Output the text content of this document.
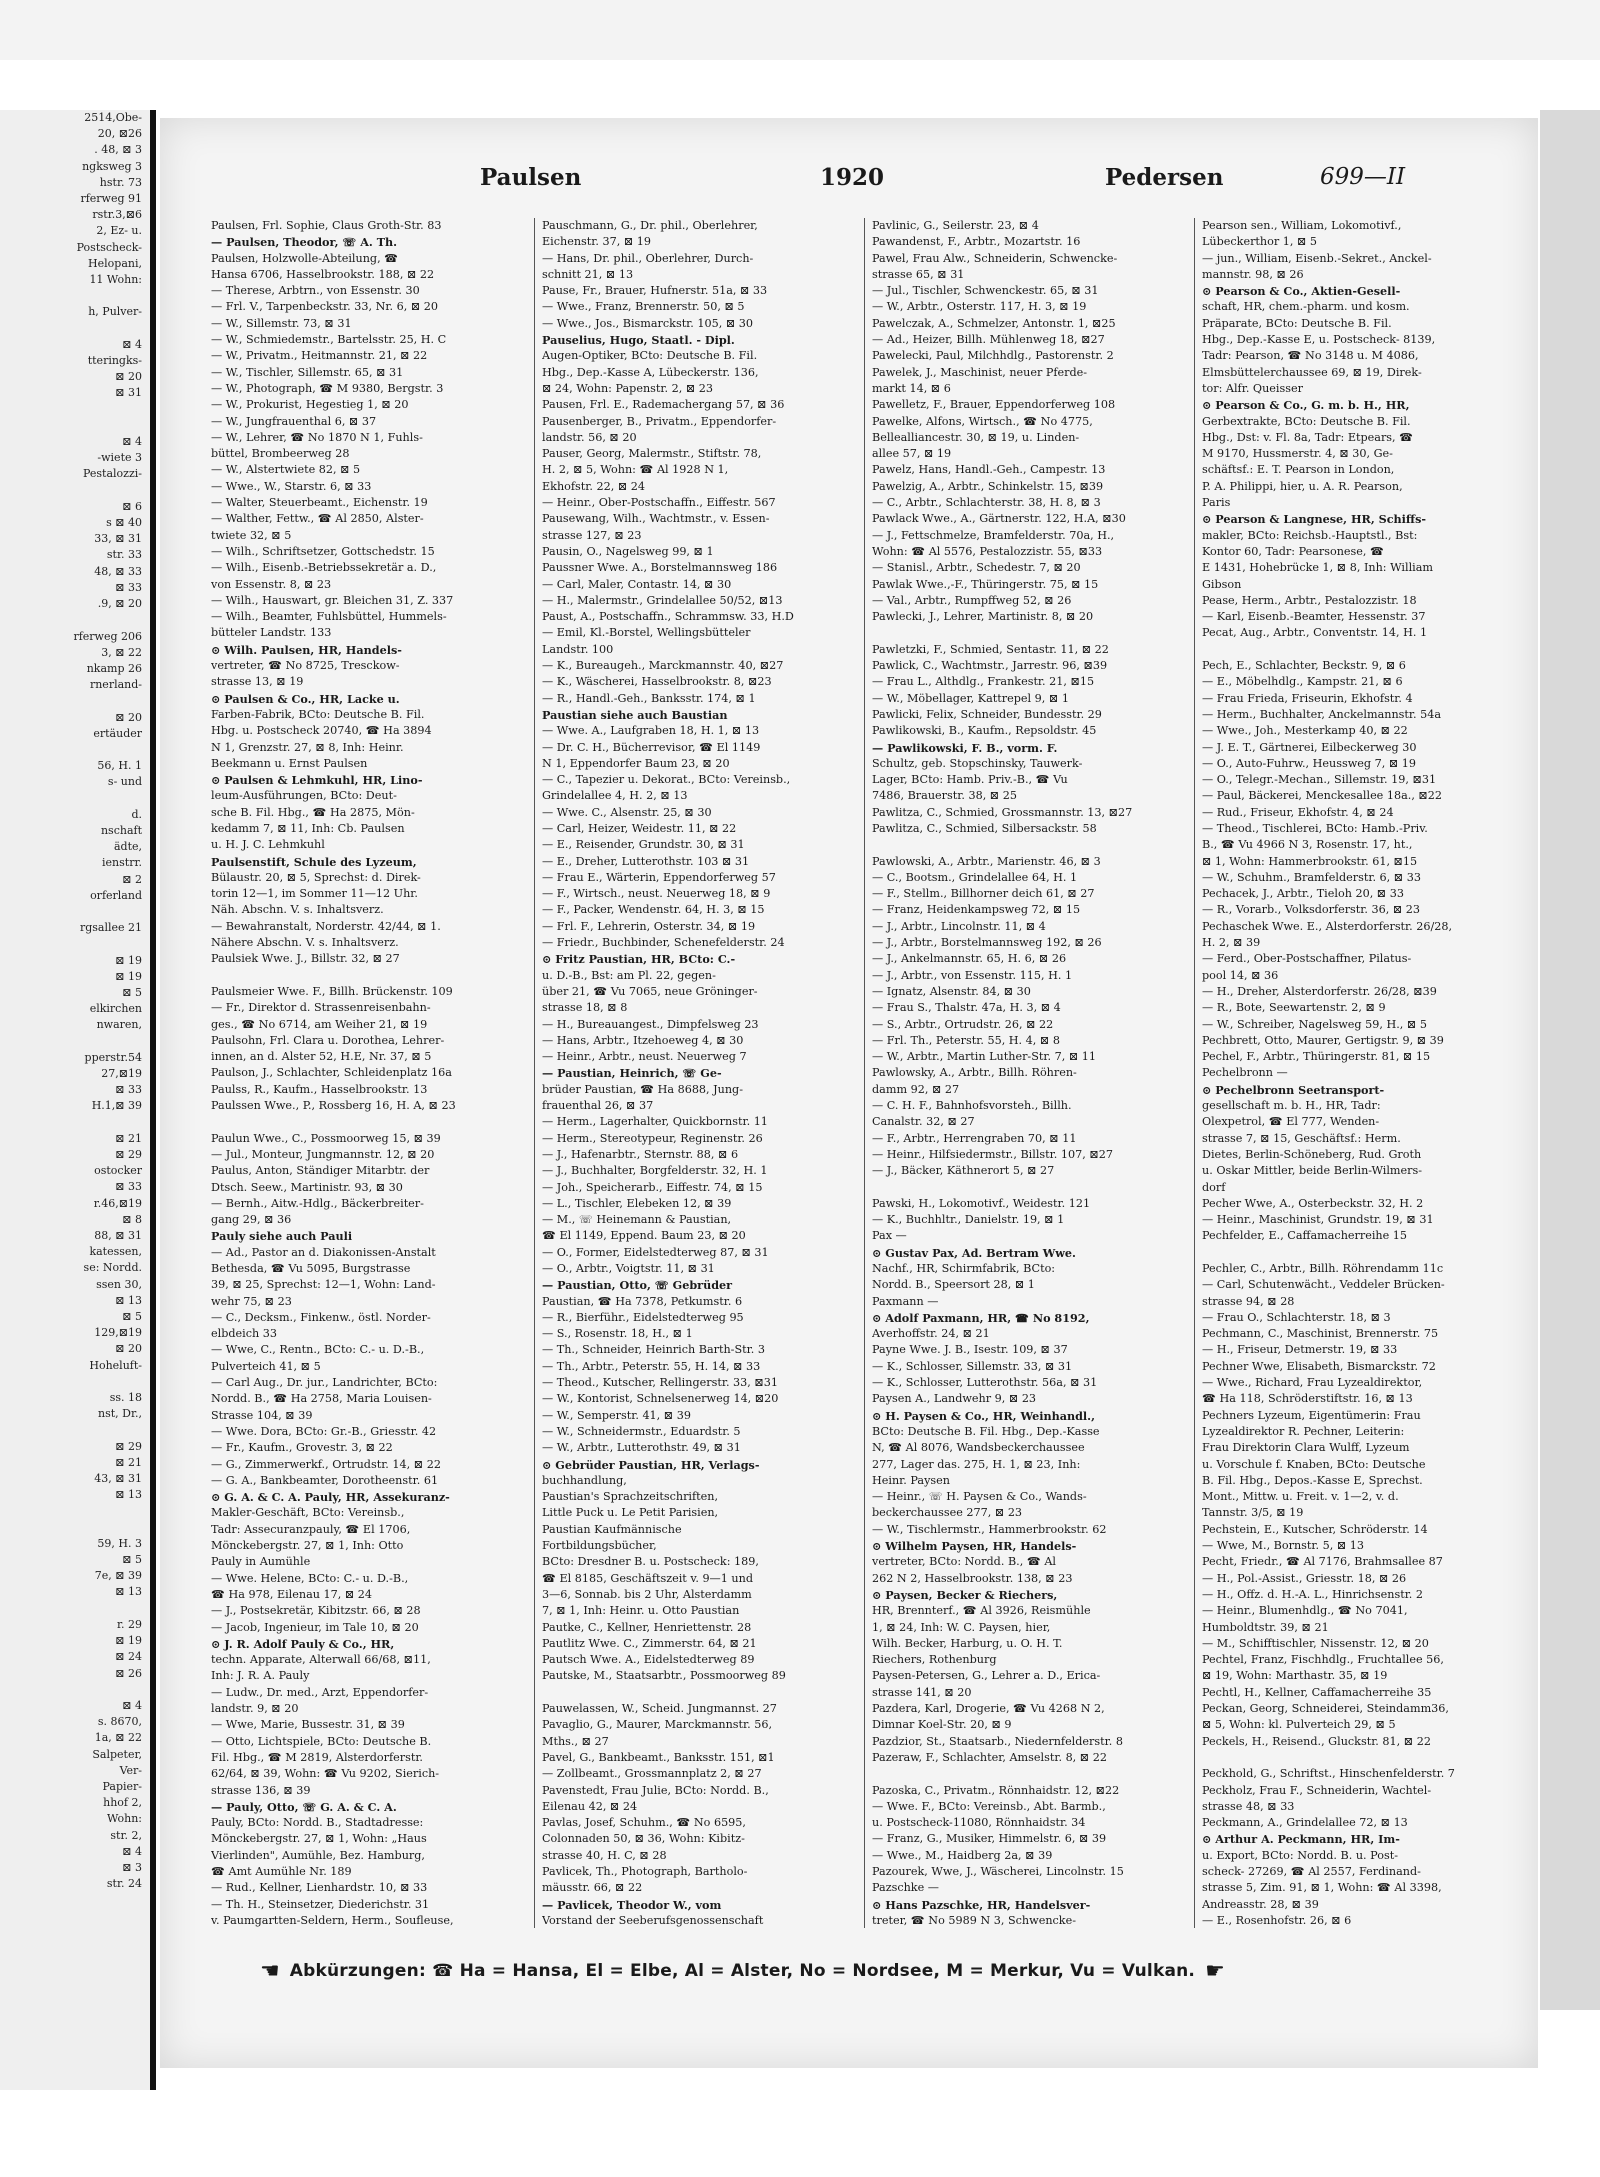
2514,Obe-
20, ⊠26
. 48, ⊠ 3
ngksweg 3
hstr. 73
rferweg 91
rstr.3,⊠6
2, Ez- u.
Postscheck-
Helopani,
11 Wohn:

h, Pulver-

⊠ 4
tteringks-
⊠ 20
⊠ 31

⊠ 4
-wiete 3
Pestalozzi-

⊠ 6
s ⊠ 40
33, ⊠ 31
str. 33
48, ⊠ 33
⊠ 33
.9, ⊠ 20

rferweg 206
3, ⊠ 22
nkamp 26
rnerland-

⊠ 20
ertäuder

56, H. 1
s- und

d.
nschaft
ädte,
ienstrr.
⊠ 2
orferland

rgsallee 21

⊠ 19
⊠ 19
⊠ 5
elkirchen
nwaren,

pperstr.54
27,⊠19
⊠ 33
H.1,⊠ 39

⊠ 21
⊠ 29
ostocker
⊠ 33
r.46,⊠19
⊠ 8
88, ⊠ 31
katessen,
se: Nordd.
ssen 30,
⊠ 13
⊠ 5
129,⊠19
⊠ 20
Hoheluft-

ss. 18
nst, Dr.,

⊠ 29
⊠ 21
43, ⊠ 31
⊠ 13

59, H. 3
⊠ 5
7e, ⊠ 39
⊠ 13

r. 29
⊠ 19
⊠ 24
⊠ 26

⊠ 4
s. 8670,
1a, ⊠ 22
Salpeter,
Ver-
Papier-
hhof 2,
Wohn:
str. 2,
⊠ 4
⊠ 3
str. 24
Paulsen	1920	Pedersen	699—II
Paulsen, Frl. Sophie, Claus Groth-Str. 83
— Paulsen, Theodor, ☏ A. Th.
Paulsen, Holzwolle-Abteilung, ☎
Hansa 6706, Hasselbrookstr. 188, ⊠ 22
— Therese, Arbtrn., von Essenstr. 30
— Frl. V., Tarpenbeckstr. 33, Nr. 6, ⊠ 20
— W., Sillemstr. 73, ⊠ 31
— W., Schmiedemstr., Bartelsstr. 25, H. C
— W., Privatm., Heitmannstr. 21, ⊠ 22
— W., Tischler, Sillemstr. 65, ⊠ 31
— W., Photograph, ☎ M 9380, Bergstr. 3
— W., Prokurist, Hegestieg 1, ⊠ 20
— W., Jungfrauenthal 6, ⊠ 37
— W., Lehrer, ☎ No 1870 N 1, Fuhls-
büttel, Brombeerweg 28
— W., Alstertwiete 82, ⊠ 5
— Wwe., W., Starstr. 6, ⊠ 33
— Walter, Steuerbeamt., Eichenstr. 19
— Walther, Fettw., ☎ Al 2850, Alster-
twiete 32, ⊠ 5
— Wilh., Schriftsetzer, Gottschedstr. 15
— Wilh., Eisenb.-Betriebssekretär a. D.,
von Essenstr. 8, ⊠ 23
— Wilh., Hauswart, gr. Bleichen 31, Z. 337
— Wilh., Beamter, Fuhlsbüttel, Hummels-
bütteler Landstr. 133
⊙ Wilh. Paulsen, HR, Handels-
vertreter, ☎ No 8725, Tresckow-
strasse 13, ⊠ 19
⊙ Paulsen & Co., HR, Lacke u.
Farben-Fabrik, BCto: Deutsche B. Fil.
Hbg. u. Postscheck 20740, ☎ Ha 3894
N 1, Grenzstr. 27, ⊠ 8, Inh: Heinr.
Beekmann u. Ernst Paulsen
⊙ Paulsen & Lehmkuhl, HR, Lino-
leum-Ausführungen, BCto: Deut-
sche B. Fil. Hbg., ☎ Ha 2875, Mön-
kedamm 7, ⊠ 11, Inh: Cb. Paulsen
u. H. J. C. Lehmkuhl
Paulsenstift, Schule des Lyzeum,
Bülaustr. 20, ⊠ 5, Sprechst: d. Direk-
torin 12—1, im Sommer 11—12 Uhr.
Näh. Abschn. V. s. Inhaltsverz.
— Bewahranstalt, Norderstr. 42/44, ⊠ 1.
Nähere Abschn. V. s. Inhaltsverz.
Paulsiek Wwe. J., Billstr. 32, ⊠ 27

Paulsmeier Wwe. F., Billh. Brückenstr. 109
— Fr., Direktor d. Strassenreisenbahn-
ges., ☎ No 6714, am Weiher 21, ⊠ 19
Paulsohn, Frl. Clara u. Dorothea, Lehrer-
innen, an d. Alster 52, H.E, Nr. 37, ⊠ 5
Paulson, J., Schlachter, Schleidenplatz 16a
Paulss, R., Kaufm., Hasselbrookstr. 13
Paulssen Wwe., P., Rossberg 16, H. A, ⊠ 23

Paulun Wwe., C., Possmoorweg 15, ⊠ 39
— Jul., Monteur, Jungmannstr. 12, ⊠ 20
Paulus, Anton, Ständiger Mitarbtr. der
Dtsch. Seew., Martinistr. 93, ⊠ 30
— Bernh., Aitw.-Hdlg., Bäckerbreiter-
gang 29, ⊠ 36
Pauly siehe auch Pauli
— Ad., Pastor an d. Diakonissen-Anstalt
Bethesda, ☎ Vu 5095, Burgstrasse
39, ⊠ 25, Sprechst: 12—1, Wohn: Land-
wehr 75, ⊠ 23
— C., Decksm., Finkenw., östl. Norder-
elbdeich 33
— Wwe, C., Rentn., BCto: C.- u. D.-B.,
Pulverteich 41, ⊠ 5
— Carl Aug., Dr. jur., Landrichter, BCto:
Nordd. B., ☎ Ha 2758, Maria Louisen-
Strasse 104, ⊠ 39
— Wwe. Dora, BCto: Gr.-B., Griesstr. 42
— Fr., Kaufm., Grovestr. 3, ⊠ 22
— G., Zimmerwerkf., Ortrudstr. 14, ⊠ 22
— G. A., Bankbeamter, Dorotheenstr. 61
⊙ G. A. & C. A. Pauly, HR, Assekuranz-
Makler-Geschäft, BCto: Vereinsb.,
Tadr: Assecuranzpauly, ☎ El 1706,
Mönckebergstr. 27, ⊠ 1, Inh: Otto
Pauly in Aumühle
— Wwe. Helene, BCto: C.- u. D.-B.,
☎ Ha 978, Eilenau 17, ⊠ 24
— J., Postsekretär, Kibitzstr. 66, ⊠ 28
— Jacob, Ingenieur, im Tale 10, ⊠ 20
⊙ J. R. Adolf Pauly & Co., HR,
techn. Apparate, Alterwall 66/68, ⊠11,
Inh: J. R. A. Pauly
— Ludw., Dr. med., Arzt, Eppendorfer-
landstr. 9, ⊠ 20
— Wwe, Marie, Bussestr. 31, ⊠ 39
— Otto, Lichtspiele, BCto: Deutsche B.
Fil. Hbg., ☎ M 2819, Alsterdorferstr.
62/64, ⊠ 39, Wohn: ☎ Vu 9202, Sierich-
strasse 136, ⊠ 39
— Pauly, Otto, ☏ G. A. & C. A.
Pauly, BCto: Nordd. B., Stadtadresse:
Mönckebergstr. 27, ⊠ 1, Wohn: „Haus
Vierlinden", Aumühle, Bez. Hamburg,
☎ Amt Aumühle Nr. 189
— Rud., Kellner, Lienhardstr. 10, ⊠ 33
— Th. H., Steinsetzer, Diederichstr. 31
v. Paumgartten-Seldern, Herm., Soufleuse,
Pauschmann, G., Dr. phil., Oberlehrer,
Eichenstr. 37, ⊠ 19
— Hans, Dr. phil., Oberlehrer, Durch-
schnitt 21, ⊠ 13
Pause, Fr., Brauer, Hufnerstr. 51a, ⊠ 33
— Wwe., Franz, Brennerstr. 50, ⊠ 5
— Wwe., Jos., Bismarckstr. 105, ⊠ 30
Pauselius, Hugo, Staatl. - Dipl.
Augen-Optiker, BCto: Deutsche B. Fil.
Hbg., Dep.-Kasse A, Lübeckerstr. 136,
⊠ 24, Wohn: Papenstr. 2, ⊠ 23
Pausen, Frl. E., Rademachergang 57, ⊠ 36
Pausenberger, B., Privatm., Eppendorfer-
landstr. 56, ⊠ 20
Pauser, Georg, Malermstr., Stiftstr. 78,
H. 2, ⊠ 5, Wohn: ☎ Al 1928 N 1,
Ekhofstr. 22, ⊠ 24
— Heinr., Ober-Postschaffn., Eiffestr. 567
Pausewang, Wilh., Wachtmstr., v. Essen-
strasse 127, ⊠ 23
Pausin, O., Nagelsweg 99, ⊠ 1
Paussner Wwe. A., Borstelmannsweg 186
— Carl, Maler, Contastr. 14, ⊠ 30
— H., Malermstr., Grindelallee 50/52, ⊠13
Paust, A., Postschaffn., Schrammsw. 33, H.D
— Emil, Kl.-Borstel, Wellingsbütteler
Landstr. 100
— K., Bureaugeh., Marckmannstr. 40, ⊠27
— K., Wäscherei, Hasselbrookstr. 8, ⊠23
— R., Handl.-Geh., Banksstr. 174, ⊠ 1
Paustian siehe auch Baustian
— Wwe. A., Laufgraben 18, H. 1, ⊠ 13
— Dr. C. H., Bücherrevisor, ☎ El 1149
N 1, Eppendorfer Baum 23, ⊠ 20
— C., Tapezier u. Dekorat., BCto: Vereinsb.,
Grindelallee 4, H. 2, ⊠ 13
— Wwe. C., Alsenstr. 25, ⊠ 30
— Carl, Heizer, Weidestr. 11, ⊠ 22
— E., Reisender, Grundstr. 30, ⊠ 31
— E., Dreher, Lutterothstr. 103 ⊠ 31
— Frau E., Wärterin, Eppendorferweg 57
— F., Wirtsch., neust. Neuerweg 18, ⊠ 9
— F., Packer, Wendenstr. 64, H. 3, ⊠ 15
— Frl. F., Lehrerin, Osterstr. 34, ⊠ 19
— Friedr., Buchbinder, Schenefelderstr. 24
⊙ Fritz Paustian, HR, BCto: C.-
u. D.-B., Bst: am Pl. 22, gegen-
über 21, ☎ Vu 7065, neue Gröninger-
strasse 18, ⊠ 8
— H., Bureauangest., Dimpfelsweg 23
— Hans, Arbtr., Itzehoeweg 4, ⊠ 30
— Heinr., Arbtr., neust. Neuerweg 7
— Paustian, Heinrich, ☏ Ge-
brüder Paustian, ☎ Ha 8688, Jung-
frauenthal 26, ⊠ 37
— Herm., Lagerhalter, Quickbornstr. 11
— Herm., Stereotypeur, Reginenstr. 26
— J., Hafenarbtr., Sternstr. 88, ⊠ 6
— J., Buchhalter, Borgfelderstr. 32, H. 1
— Joh., Speicherarb., Eiffestr. 74, ⊠ 15
— L., Tischler, Elebeken 12, ⊠ 39
— M., ☏ Heinemann & Paustian,
☎ El 1149, Eppend. Baum 23, ⊠ 20
— O., Former, Eidelstedterweg 87, ⊠ 31
— O., Arbtr., Voigtstr. 11, ⊠ 31
— Paustian, Otto, ☏ Gebrüder
Paustian, ☎ Ha 7378, Petkumstr. 6
— R., Bierführ., Eidelstedterweg 95
— S., Rosenstr. 18, H., ⊠ 1
— Th., Schneider, Heinrich Barth-Str. 3
— Th., Arbtr., Peterstr. 55, H. 14, ⊠ 33
— Theod., Kutscher, Rellingerstr. 33, ⊠31
— W., Kontorist, Schnelsenerweg 14, ⊠20
— W., Semperstr. 41, ⊠ 39
— W., Schneidermstr., Eduardstr. 5
— W., Arbtr., Lutterothstr. 49, ⊠ 31
⊙ Gebrüder Paustian, HR, Verlags-
buchhandlung,
Paustian's Sprachzeitschriften,
Little Puck u. Le Petit Parisien,
Paustian Kaufmännische
Fortbildungsbücher,
BCto: Dresdner B. u. Postscheck: 189,
☎ El 8185, Geschäftszeit v. 9—1 und
3—6, Sonnab. bis 2 Uhr, Alsterdamm
7, ⊠ 1, Inh: Heinr. u. Otto Paustian
Pautke, C., Kellner, Henriettenstr. 28
Pautlitz Wwe. C., Zimmerstr. 64, ⊠ 21
Pautsch Wwe. A., Eidelstedterweg 89
Pautske, M., Staatsarbtr., Possmoorweg 89

Pauwelassen, W., Scheid. Jungmannst. 27
Pavaglio, G., Maurer, Marckmannstr. 56,
Mths., ⊠ 27
Pavel, G., Bankbeamt., Banksstr. 151, ⊠1
— Zollbeamt., Grossmannplatz 2, ⊠ 27
Pavenstedt, Frau Julie, BCto: Nordd. B.,
Eilenau 42, ⊠ 24
Pavlas, Josef, Schuhm., ☎ No 6595,
Colonnaden 50, ⊠ 36, Wohn: Kibitz-
strasse 40, H. C, ⊠ 28
Pavlicek, Th., Photograph, Bartholo-
mäusstr. 66, ⊠ 22
— Pavlicek, Theodor W., vom
Vorstand der Seeberufsgenossenschaft
Pavlinic, G., Seilerstr. 23, ⊠ 4
Pawandenst, F., Arbtr., Mozartstr. 16
Pawel, Frau Alw., Schneiderin, Schwencke-
strasse 65, ⊠ 31
— Jul., Tischler, Schwenckestr. 65, ⊠ 31
— W., Arbtr., Osterstr. 117, H. 3, ⊠ 19
Pawelczak, A., Schmelzer, Antonstr. 1, ⊠25
— Ad., Heizer, Billh. Mühlenweg 18, ⊠27
Pawelecki, Paul, Milchhdlg., Pastorenstr. 2
Pawelek, J., Maschinist, neuer Pferde-
markt 14, ⊠ 6
Pawelletz, F., Brauer, Eppendorferweg 108
Pawelke, Alfons, Wirtsch., ☎ No 4775,
Bellealliancestr. 30, ⊠ 19, u. Linden-
allee 57, ⊠ 19
Pawelz, Hans, Handl.-Geh., Campestr. 13
Pawelzig, A., Arbtr., Schinkelstr. 15, ⊠39
— C., Arbtr., Schlachterstr. 38, H. 8, ⊠ 3
Pawlack Wwe., A., Gärtnerstr. 122, H.A, ⊠30
— J., Fettschmelze, Bramfelderstr. 70a, H.,
Wohn: ☎ Al 5576, Pestalozzistr. 55, ⊠33
— Stanisl., Arbtr., Schedestr. 7, ⊠ 20
Pawlak Wwe.,-F., Thüringerstr. 75, ⊠ 15
— Val., Arbtr., Rumpffweg 52, ⊠ 26
Pawlecki, J., Lehrer, Martinistr. 8, ⊠ 20

Pawletzki, F., Schmied, Sentastr. 11, ⊠ 22
Pawlick, C., Wachtmstr., Jarrestr. 96, ⊠39
— Frau L., Althdlg., Frankestr. 21, ⊠15
— W., Möbellager, Kattrepel 9, ⊠ 1
Pawlicki, Felix, Schneider, Bundesstr. 29
Pawlikowski, B., Kaufm., Repsoldstr. 45
— Pawlikowski, F. B., vorm. F.
Schultz, geb. Stopschinsky, Tauwerk-
Lager, BCto: Hamb. Priv.-B., ☎ Vu
7486, Brauerstr. 38, ⊠ 25
Pawlitza, C., Schmied, Grossmannstr. 13, ⊠27
Pawlitza, C., Schmied, Silbersackstr. 58

Pawlowski, A., Arbtr., Marienstr. 46, ⊠ 3
— C., Bootsm., Grindelallee 64, H. 1
— F., Stellm., Billhorner deich 61, ⊠ 27
— Franz, Heidenkampsweg 72, ⊠ 15
— J., Arbtr., Lincolnstr. 11, ⊠ 4
— J., Arbtr., Borstelmannsweg 192, ⊠ 26
— J., Ankelmannstr. 65, H. 6, ⊠ 26
— J., Arbtr., von Essenstr. 115, H. 1
— Ignatz, Alsenstr. 84, ⊠ 30
— Frau S., Thalstr. 47a, H. 3, ⊠ 4
— S., Arbtr., Ortrudstr. 26, ⊠ 22
— Frl. Th., Peterstr. 55, H. 4, ⊠ 8
— W., Arbtr., Martin Luther-Str. 7, ⊠ 11
Pawlowsky, A., Arbtr., Billh. Röhren-
damm 92, ⊠ 27
— C. H. F., Bahnhofsvorsteh., Billh.
Canalstr. 32, ⊠ 27
— F., Arbtr., Herrengraben 70, ⊠ 11
— Heinr., Hilfsiedermstr., Billstr. 107, ⊠27
— J., Bäcker, Käthnerort 5, ⊠ 27

Pawski, H., Lokomotivf., Weidestr. 121
— K., Buchhltr., Danielstr. 19, ⊠ 1
Pax —
⊙ Gustav Pax, Ad. Bertram Wwe.
Nachf., HR, Schirmfabrik, BCto:
Nordd. B., Speersort 28, ⊠ 1
Paxmann —
⊙ Adolf Paxmann, HR, ☎ No 8192,
Averhoffstr. 24, ⊠ 21
Payne Wwe. J. B., Isestr. 109, ⊠ 37
— K., Schlosser, Sillemstr. 33, ⊠ 31
— K., Schlosser, Lutterothstr. 56a, ⊠ 31
Paysen A., Landwehr 9, ⊠ 23
⊙ H. Paysen & Co., HR, Weinhandl.,
BCto: Deutsche B. Fil. Hbg., Dep.-Kasse
N, ☎ Al 8076, Wandsbeckerchaussee
277, Lager das. 275, H. 1, ⊠ 23, Inh:
Heinr. Paysen
— Heinr., ☏ H. Paysen & Co., Wands-
beckerchaussee 277, ⊠ 23
— W., Tischlermstr., Hammerbrookstr. 62
⊙ Wilhelm Paysen, HR, Handels-
vertreter, BCto: Nordd. B., ☎ Al
262 N 2, Hasselbrookstr. 138, ⊠ 23
⊙ Paysen, Becker & Riechers,
HR, Brennterf., ☎ Al 3926, Reismühle
1, ⊠ 24, Inh: W. C. Paysen, hier,
Wilh. Becker, Harburg, u. O. H. T.
Riechers, Rothenburg
Paysen-Petersen, G., Lehrer a. D., Erica-
strasse 141, ⊠ 20
Pazdera, Karl, Drogerie, ☎ Vu 4268 N 2,
Dimnar Koel-Str. 20, ⊠ 9
Pazdzior, St., Staatsarb., Niedernfelderstr. 8
Pazeraw, F., Schlachter, Amselstr. 8, ⊠ 22

Pazoska, C., Privatm., Rönnhaidstr. 12, ⊠22
— Wwe. F., BCto: Vereinsb., Abt. Barmb.,
u. Postscheck-11080, Rönnhaidstr. 34
— Franz, G., Musiker, Himmelstr. 6, ⊠ 39
— Wwe., M., Haidberg 2a, ⊠ 39
Pazourek, Wwe, J., Wäscherei, Lincolnstr. 15
Pazschke —
⊙ Hans Pazschke, HR, Handelsver-
treter, ☎ No 5989 N 3, Schwencke-
Pearson sen., William, Lokomotivf.,
Lübeckerthor 1, ⊠ 5
— jun., William, Eisenb.-Sekret., Anckel-
mannstr. 98, ⊠ 26
⊙ Pearson & Co., Aktien-Gesell-
schaft, HR, chem.-pharm. und kosm.
Präparate, BCto: Deutsche B. Fil.
Hbg., Dep.-Kasse E, u. Postscheck- 8139,
Tadr: Pearson, ☎ No 3148 u. M 4086,
Elmsbüttelerchaussee 69, ⊠ 19, Direk-
tor: Alfr. Queisser
⊙ Pearson & Co., G. m. b. H., HR,
Gerbextrakte, BCto: Deutsche B. Fil.
Hbg., Dst: v. Fl. 8a, Tadr: Etpears, ☎
M 9170, Hussmerstr. 4, ⊠ 30, Ge-
schäftsf.: E. T. Pearson in London,
P. A. Philippi, hier, u. A. R. Pearson,
Paris
⊙ Pearson & Langnese, HR, Schiffs-
makler, BCto: Reichsb.-Hauptstl., Bst:
Kontor 60, Tadr: Pearsonese, ☎
E 1431, Hohebrücke 1, ⊠ 8, Inh: William
Gibson
Pease, Herm., Arbtr., Pestalozzistr. 18
— Karl, Eisenb.-Beamter, Hessenstr. 37
Pecat, Aug., Arbtr., Conventstr. 14, H. 1

Pech, E., Schlachter, Beckstr. 9, ⊠ 6
— E., Möbelhdlg., Kampstr. 21, ⊠ 6
— Frau Frieda, Friseurin, Ekhofstr. 4
— Herm., Buchhalter, Anckelmannstr. 54a
— Wwe., Joh., Mesterkamp 40, ⊠ 22
— J. E. T., Gärtnerei, Eilbeckerweg 30
— O., Auto-Fuhrw., Heussweg 7, ⊠ 19
— O., Telegr.-Mechan., Sillemstr. 19, ⊠31
— Paul, Bäckerei, Menckesallee 18a., ⊠22
— Rud., Friseur, Ekhofstr. 4, ⊠ 24
— Theod., Tischlerei, BCto: Hamb.-Priv.
B., ☎ Vu 4966 N 3, Rosenstr. 17, ht.,
⊠ 1, Wohn: Hammerbrookstr. 61, ⊠15
— W., Schuhm., Bramfelderstr. 6, ⊠ 33
Pechacek, J., Arbtr., Tieloh 20, ⊠ 33
— R., Vorarb., Volksdorferstr. 36, ⊠ 23
Pechaschek Wwe. E., Alsterdorferstr. 26/28,
H. 2, ⊠ 39
— Ferd., Ober-Postschaffner, Pilatus-
pool 14, ⊠ 36
— H., Dreher, Alsterdorferstr. 26/28, ⊠39
— R., Bote, Seewartenstr. 2, ⊠ 9
— W., Schreiber, Nagelsweg 59, H., ⊠ 5
Pechbrett, Otto, Maurer, Gertigstr. 9, ⊠ 39
Pechel, F., Arbtr., Thüringerstr. 81, ⊠ 15
Pechelbronn —
⊙ Pechelbronn Seetransport-
gesellschaft m. b. H., HR, Tadr:
Olexpetrol, ☎ El 777, Wenden-
strasse 7, ⊠ 15, Geschäftsf.: Herm.
Dietes, Berlin-Schöneberg, Rud. Groth
u. Oskar Mittler, beide Berlin-Wilmers-
dorf
Pecher Wwe, A., Osterbeckstr. 32, H. 2
— Heinr., Maschinist, Grundstr. 19, ⊠ 31
Pechfelder, E., Caffamacherreihe 15

Pechler, C., Arbtr., Billh. Röhrendamm 11c
— Carl, Schutenwächt., Veddeler Brücken-
strasse 94, ⊠ 28
— Frau O., Schlachterstr. 18, ⊠ 3
Pechmann, C., Maschinist, Brennerstr. 75
— H., Friseur, Detmerstr. 19, ⊠ 33
Pechner Wwe, Elisabeth, Bismarckstr. 72
— Wwe., Richard, Frau Lyzealdirektor,
☎ Ha 118, Schröderstiftstr. 16, ⊠ 13
Pechners Lyzeum, Eigentümerin: Frau
Lyzealdirektor R. Pechner, Leiterin:
Frau Direktorin Clara Wulff, Lyzeum
u. Vorschule f. Knaben, BCto: Deutsche
B. Fil. Hbg., Depos.-Kasse E, Sprechst.
Mont., Mittw. u. Freit. v. 1—2, v. d.
Tannstr. 3/5, ⊠ 19
Pechstein, E., Kutscher, Schröderstr. 14
— Wwe, M., Bornstr. 5, ⊠ 13
Pecht, Friedr., ☎ Al 7176, Brahmsallee 87
— H., Pol.-Assist., Griesstr. 18, ⊠ 26
— H., Offz. d. H.-A. L., Hinrichsenstr. 2
— Heinr., Blumenhdlg., ☎ No 7041,
Humboldtstr. 39, ⊠ 21
— M., Schifftischler, Nissenstr. 12, ⊠ 20
Pechtel, Franz, Fischhdlg., Fruchtallee 56,
⊠ 19, Wohn: Marthastr. 35, ⊠ 19
Pechtl, H., Kellner, Caffamacherreihe 35
Peckan, Georg, Schneiderei, Steindamm36,
⊠ 5, Wohn: kl. Pulverteich 29, ⊠ 5
Peckels, H., Reisend., Gluckstr. 81, ⊠ 22

Peckhold, G., Schriftst., Hinschenfelderstr. 7
Peckholz, Frau F., Schneiderin, Wachtel-
strasse 48, ⊠ 33
Peckmann, A., Grindelallee 72, ⊠ 13
⊙ Arthur A. Peckmann, HR, Im-
u. Export, BCto: Nordd. B. u. Post-
scheck- 27269, ☎ Al 2557, Ferdinand-
strasse 5, Zim. 91, ⊠ 1, Wohn: ☎ Al 3398,
Andreasstr. 28, ⊠ 39
— E., Rosenhofstr. 26, ⊠ 6
☛ Abkürzungen: ☎ Ha = Hansa, El = Elbe, Al = Alster, No = Nordsee, M = Merkur, Vu = Vulkan. ☛
